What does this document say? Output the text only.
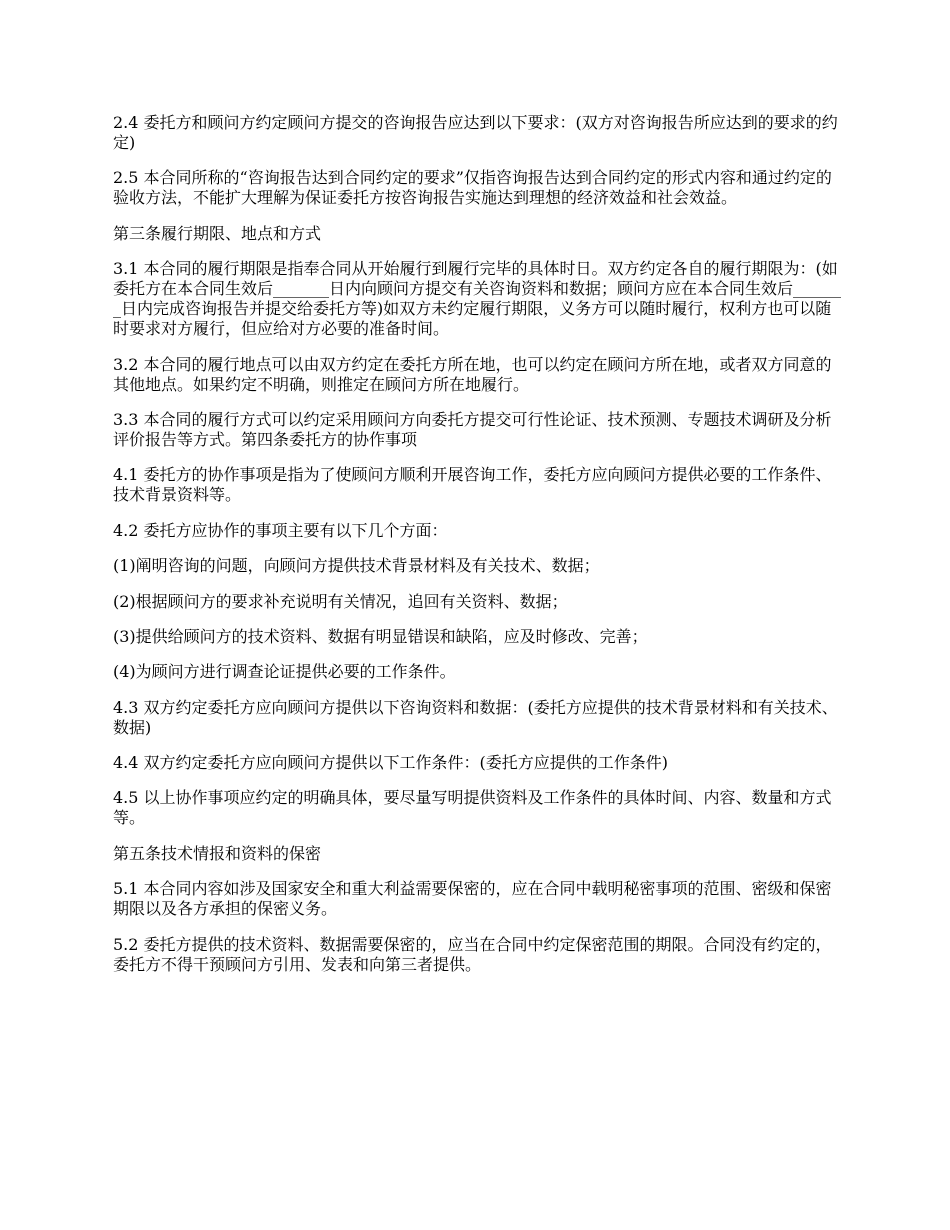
2.4 委托方和顾问方约定顾问方提交的咨询报告应达到以下要求：(双方对咨询报告所应达到的要求的约定)

2.5 本合同所称的“咨询报告达到合同约定的要求”仅指咨询报告达到合同约定的形式内容和通过约定的验收方法，不能扩大理解为保证委托方按咨询报告实施达到理想的经济效益和社会效益。

第三条履行期限、地点和方式

3.1 本合同的履行期限是指奉合同从开始履行到履行完毕的具体时日。双方约定各自的履行期限为：(如委托方在本合同生效后_______日内向顾问方提交有关咨询资料和数据；顾问方应在本合同生效后_______日内完成咨询报告并提交给委托方等)如双方未约定履行期限，义务方可以随时履行，权利方也可以随时要求对方履行，但应给对方必要的准备时间。

3.2 本合同的履行地点可以由双方约定在委托方所在地，也可以约定在顾问方所在地，或者双方同意的其他地点。如果约定不明确，则推定在顾问方所在地履行。

3.3 本合同的履行方式可以约定采用顾问方向委托方提交可行性论证、技术预测、专题技术调研及分析评价报告等方式。第四条委托方的协作事项

4.1 委托方的协作事项是指为了使顾问方顺利开展咨询工作，委托方应向顾问方提供必要的工作条件、技术背景资料等。

4.2 委托方应协作的事项主要有以下几个方面：

(1)阐明咨询的问题，向顾问方提供技术背景材料及有关技术、数据；

(2)根据顾问方的要求补充说明有关情况，追回有关资料、数据；

(3)提供给顾问方的技术资料、数据有明显错误和缺陷，应及时修改、完善；

(4)为顾问方进行调查论证提供必要的工作条件。

4.3 双方约定委托方应向顾问方提供以下咨询资料和数据：(委托方应提供的技术背景材料和有关技术、数据)

4.4 双方约定委托方应向顾问方提供以下工作条件：(委托方应提供的工作条件)

4.5 以上协作事项应约定的明确具体，要尽量写明提供资料及工作条件的具体时间、内容、数量和方式等。

第五条技术情报和资料的保密

5.1 本合同内容如涉及国家安全和重大利益需要保密的，应在合同中载明秘密事项的范围、密级和保密期限以及各方承担的保密义务。

5.2 委托方提供的技术资料、数据需要保密的，应当在合同中约定保密范围的期限。合同没有约定的，委托方不得干预顾问方引用、发表和向第三者提供。
